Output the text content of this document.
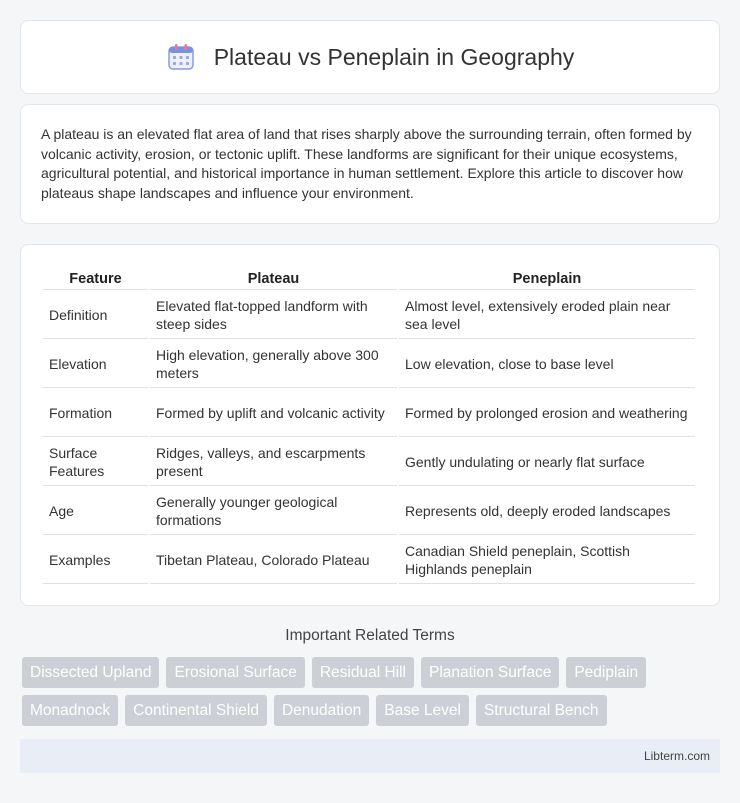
Plateau vs Peneplain in Geography

A plateau is an elevated flat area of land that rises sharply above the surrounding terrain, often formed by volcanic activity, erosion, or tectonic uplift. These landforms are significant for their unique ecosystems, agricultural potential, and historical importance in human settlement. Explore this article to discover how plateaus shape landscapes and influence your environment.

Feature	Plateau	Peneplain
Definition	Elevated flat-topped landform with steep sides	Almost level, extensively eroded plain near sea level
Elevation	High elevation, generally above 300 meters	Low elevation, close to base level
Formation	Formed by uplift and volcanic activity	Formed by prolonged erosion and weathering
Surface Features	Ridges, valleys, and escarpments present	Gently undulating or nearly flat surface
Age	Generally younger geological formations	Represents old, deeply eroded landscapes
Examples	Tibetan Plateau, Colorado Plateau	Canadian Shield peneplain, Scottish Highlands peneplain
Important Related Terms
Dissected Upland	Erosional Surface	Residual Hill	Planation Surface	Pediplain
Monadnock	Continental Shield	Denudation	Base Level	Structural Bench
Libterm.com
